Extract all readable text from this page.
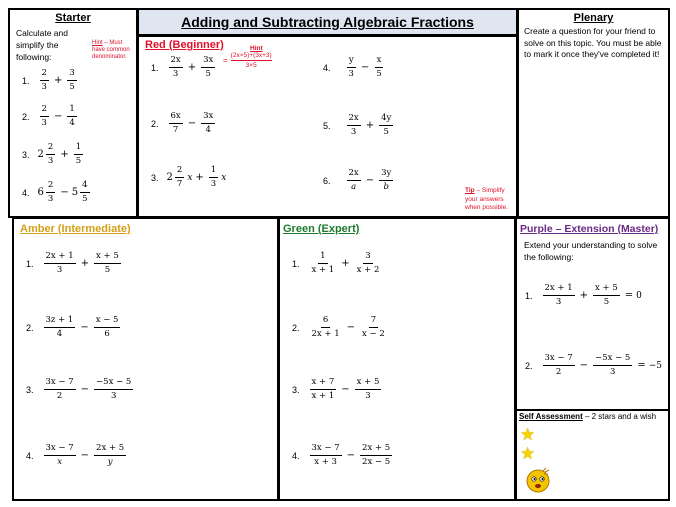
Adding and Subtracting Algebraic Fractions
Starter
Calculate and simplify the following:
Hint – Must have common denominator.
1. $\frac{2}{3} + \frac{3}{5}$
2. $\frac{2}{3} - \frac{1}{4}$
3. $2 \frac{2}{3} + \frac{1}{5}$
4. $6 \frac{2}{3} - 5 \frac{4}{5}$
Red (Beginner)	Hint
= $\frac{(2x\times 5)+(3x+3)}{3\times 5}$
1. $\frac{2x}{3} + \frac{3x}{5}$
2. $\frac{6x}{7} - \frac{3x}{4}$
3. $2 \frac{2}{7}$ $x + \frac{1}{3}$ x
4. $\frac{y}{3} - \frac{x}{5}$
5. $\frac{2x}{3} + \frac{4y}{5}$
6. $\frac{2x}{a} - \frac{3y}{b}$	Tip – Simplify your answers when possible.
Plenary
Create a question for your friend to solve on this topic. You must be able to mark it once they've completed it!
Amber (Intermediate)
1. $\frac{2x + 1}{3} + \frac{x + 5}{5}$
2. $\frac{3z + 1}{4} - \frac{x - 5}{6}$
3. $\frac{3x - 7}{2} - \frac{-5x - 5}{3}$
4. $\frac{3x - 7}{x} - \frac{2x + 5}{y}$
Green (Expert)
1. $\frac{1}{x + 1} + \frac{3}{x + 2}$
2. $\frac{6}{2x + 1} - \frac{7}{x - 2}$
3. $\frac{x + 7}{x + 1} - \frac{x + 5}{3}$
4. $\frac{3x - 7}{x + 3} - \frac{2x + 5}{2x - 5}$
Purple – Extension (Master)
Extend your understanding to solve the following:
1. $\frac{2x + 1}{3} + \frac{x + 5}{5} = 0$
2. $\frac{3x - 7}{2} - \frac{-5x - 5}{3} = -5$
Self Assessment – 2 stars and a wish
★
★
